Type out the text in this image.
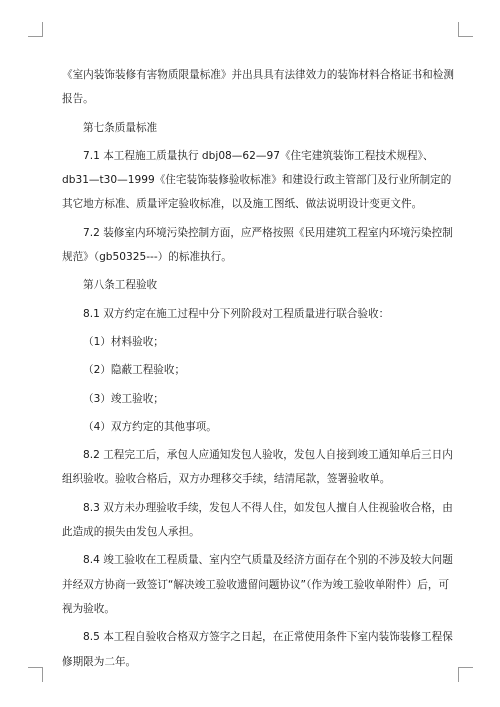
《室内装饰装修有害物质限量标准》并出具具有法律效力的装饰材料合格证书和检测

报告。

第七条质量标准

7.1 本工程施工质量执行 dbj08—62—97《住宅建筑装饰工程技术规程》、

db31—t30—1999《住宅装饰装修验收标准》和建设行政主管部门及行业所制定的

其它地方标准、质量评定验收标准，以及施工图纸、做法说明设计变更文件。

7.2 装修室内环境污染控制方面，应严格按照《民用建筑工程室内环境污染控制

规范》（gb50325---）的标准执行。

第八条工程验收

8.1 双方约定在施工过程中分下列阶段对工程质量进行联合验收：

（1）材料验收；

（2）隐蔽工程验收；

（3）竣工验收；

（4）双方约定的其他事项。

8.2 工程完工后，承包人应通知发包人验收，发包人自接到竣工通知单后三日内

组织验收。验收合格后，双方办理移交手续，结清尾款，签署验收单。

8.3 双方未办理验收手续，发包人不得人住，如发包人擅自人住视验收合格，由

此造成的损失由发包人承担。

8.4 竣工验收在工程质量、室内空气质量及经济方面存在个别的不涉及较大问题

并经双方协商一致签订“解决竣工验收遗留问题协议”（作为竣工验收单附件）后，可

视为验收。

8.5 本工程自验收合格双方签字之日起，在正常使用条件下室内装饰装修工程保

修期限为二年。
